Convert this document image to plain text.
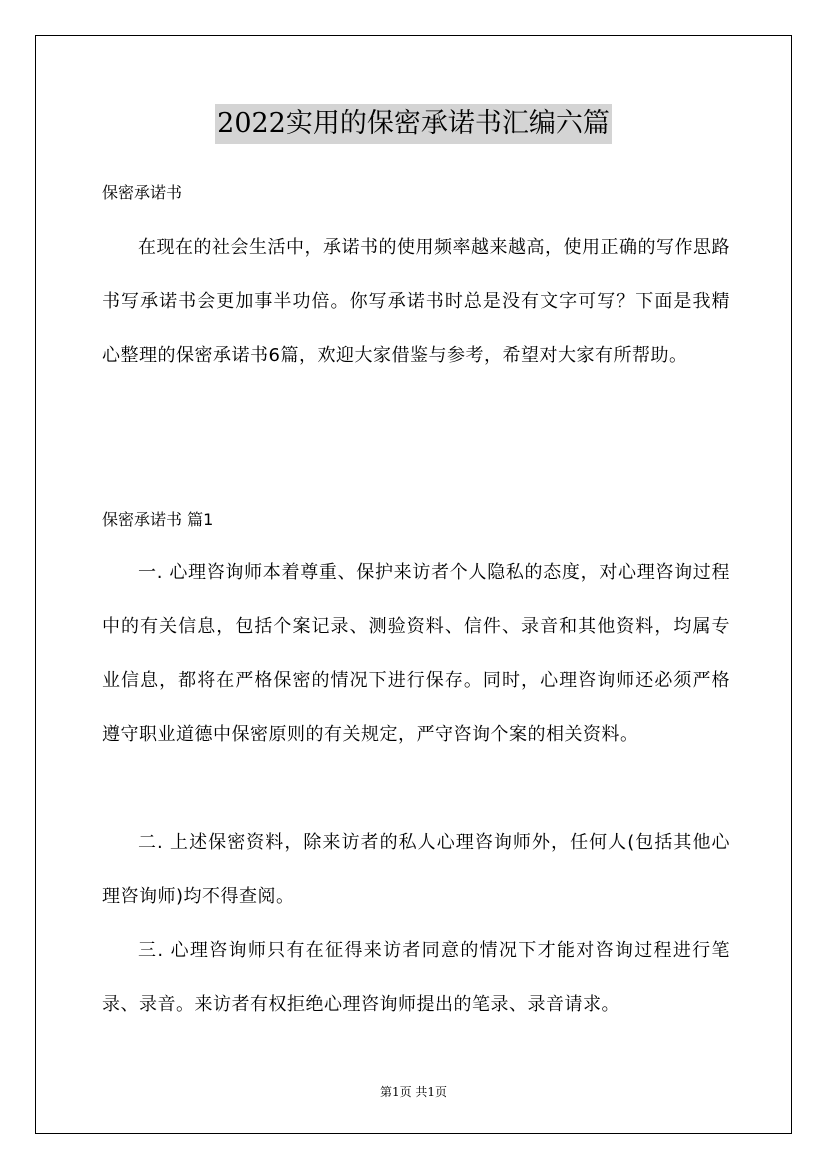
2022实用的保密承诺书汇编六篇
保密承诺书

在现在的社会生活中，承诺书的使用频率越来越高，使用正确的写作思路书写承诺书会更加事半功倍。你写承诺书时总是没有文字可写？下面是我精心整理的保密承诺书6篇，欢迎大家借鉴与参考，希望对大家有所帮助。

保密承诺书 篇1

一. 心理咨询师本着尊重、保护来访者个人隐私的态度，对心理咨询过程中的有关信息，包括个案记录、测验资料、信件、录音和其他资料，均属专业信息，都将在严格保密的情况下进行保存。同时，心理咨询师还必须严格遵守职业道德中保密原则的有关规定，严守咨询个案的相关资料。

二. 上述保密资料，除来访者的私人心理咨询师外，任何人(包括其他心理咨询师)均不得查阅。

三. 心理咨询师只有在征得来访者同意的情况下才能对咨询过程进行笔录、录音。来访者有权拒绝心理咨询师提出的笔录、录音请求。

第1页 共1页
